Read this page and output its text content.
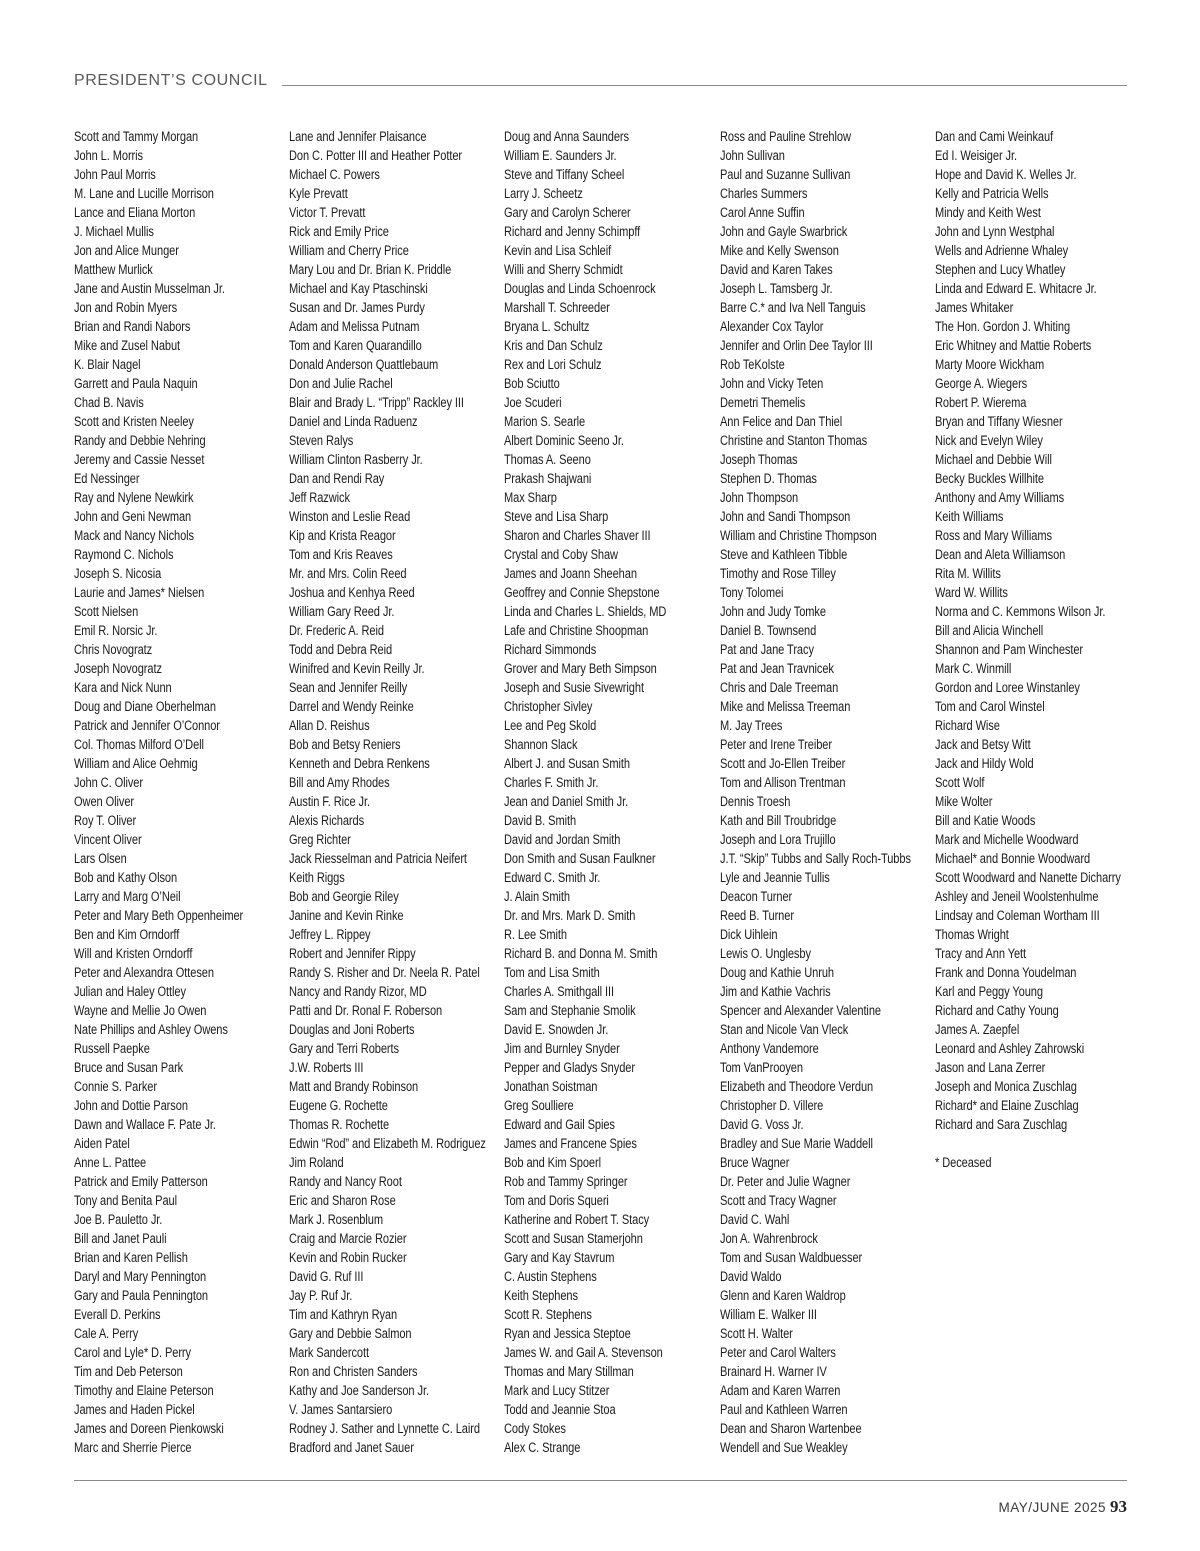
PRESIDENT’S COUNCIL
Scott and Tammy Morgan
John L. Morris
John Paul Morris
M. Lane and Lucille Morrison
Lance and Eliana Morton
J. Michael Mullis
Jon and Alice Munger
Matthew Murlick
Jane and Austin Musselman Jr.
Jon and Robin Myers
Brian and Randi Nabors
Mike and Zusel Nabut
K. Blair Nagel
Garrett and Paula Naquin
Chad B. Navis
Scott and Kristen Neeley
Randy and Debbie Nehring
Jeremy and Cassie Nesset
Ed Nessinger
Ray and Nylene Newkirk
John and Geni Newman
Mack and Nancy Nichols
Raymond C. Nichols
Joseph S. Nicosia
Laurie and James* Nielsen
Scott Nielsen
Emil R. Norsic Jr.
Chris Novogratz
Joseph Novogratz
Kara and Nick Nunn
Doug and Diane Oberhelman
Patrick and Jennifer O’Connor
Col. Thomas Milford O’Dell
William and Alice Oehmig
John C. Oliver
Owen Oliver
Roy T. Oliver
Vincent Oliver
Lars Olsen
Bob and Kathy Olson
Larry and Marg O’Neil
Peter and Mary Beth Oppenheimer
Ben and Kim Orndorff
Will and Kristen Orndorff
Peter and Alexandra Ottesen
Julian and Haley Ottley
Wayne and Mellie Jo Owen
Nate Phillips and Ashley Owens
Russell Paepke
Bruce and Susan Park
Connie S. Parker
John and Dottie Parson
Dawn and Wallace F. Pate Jr.
Aiden Patel
Anne L. Pattee
Patrick and Emily Patterson
Tony and Benita Paul
Joe B. Pauletto Jr.
Bill and Janet Pauli
Brian and Karen Pellish
Daryl and Mary Pennington
Gary and Paula Pennington
Everall D. Perkins
Cale A. Perry
Carol and Lyle* D. Perry
Tim and Deb Peterson
Timothy and Elaine Peterson
James and Haden Pickel
James and Doreen Pienkowski
Marc and Sherrie Pierce
Lane and Jennifer Plaisance
Don C. Potter III and Heather Potter
Michael C. Powers
Kyle Prevatt
Victor T. Prevatt
Rick and Emily Price
William and Cherry Price
Mary Lou and Dr. Brian K. Priddle
Michael and Kay Ptaschinski
Susan and Dr. James Purdy
Adam and Melissa Putnam
Tom and Karen Quarandillo
Donald Anderson Quattlebaum
Don and Julie Rachel
Blair and Brady L. “Tripp” Rackley III
Daniel and Linda Raduenz
Steven Ralys
William Clinton Rasberry Jr.
Dan and Rendi Ray
Jeff Razwick
Winston and Leslie Read
Kip and Krista Reagor
Tom and Kris Reaves
Mr. and Mrs. Colin Reed
Joshua and Kenhya Reed
William Gary Reed Jr.
Dr. Frederic A. Reid
Todd and Debra Reid
Winifred and Kevin Reilly Jr.
Sean and Jennifer Reilly
Darrel and Wendy Reinke
Allan D. Reishus
Bob and Betsy Reniers
Kenneth and Debra Renkens
Bill and Amy Rhodes
Austin F. Rice Jr.
Alexis Richards
Greg Richter
Jack Riesselman and Patricia Neifert
Keith Riggs
Bob and Georgie Riley
Janine and Kevin Rinke
Jeffrey L. Rippey
Robert and Jennifer Rippy
Randy S. Risher and Dr. Neela R. Patel
Nancy and Randy Rizor, MD
Patti and Dr. Ronal F. Roberson
Douglas and Joni Roberts
Gary and Terri Roberts
J.W. Roberts III
Matt and Brandy Robinson
Eugene G. Rochette
Thomas R. Rochette
Edwin “Rod” and Elizabeth M. Rodriguez
Jim Roland
Randy and Nancy Root
Eric and Sharon Rose
Mark J. Rosenblum
Craig and Marcie Rozier
Kevin and Robin Rucker
David G. Ruf III
Jay P. Ruf Jr.
Tim and Kathryn Ryan
Gary and Debbie Salmon
Mark Sandercott
Ron and Christen Sanders
Kathy and Joe Sanderson Jr.
V. James Santarsiero
Rodney J. Sather and Lynnette C. Laird
Bradford and Janet Sauer
Doug and Anna Saunders
William E. Saunders Jr.
Steve and Tiffany Scheel
Larry J. Scheetz
Gary and Carolyn Scherer
Richard and Jenny Schimpff
Kevin and Lisa Schleif
Willi and Sherry Schmidt
Douglas and Linda Schoenrock
Marshall T. Schreeder
Bryana L. Schultz
Kris and Dan Schulz
Rex and Lori Schulz
Bob Sciutto
Joe Scuderi
Marion S. Searle
Albert Dominic Seeno Jr.
Thomas A. Seeno
Prakash Shajwani
Max Sharp
Steve and Lisa Sharp
Sharon and Charles Shaver III
Crystal and Coby Shaw
James and Joann Sheehan
Geoffrey and Connie Shepstone
Linda and Charles L. Shields, MD
Lafe and Christine Shoopman
Richard Simmonds
Grover and Mary Beth Simpson
Joseph and Susie Sivewright
Christopher Sivley
Lee and Peg Skold
Shannon Slack
Albert J. and Susan Smith
Charles F. Smith Jr.
Jean and Daniel Smith Jr.
David B. Smith
David and Jordan Smith
Don Smith and Susan Faulkner
Edward C. Smith Jr.
J. Alain Smith
Dr. and Mrs. Mark D. Smith
R. Lee Smith
Richard B. and Donna M. Smith
Tom and Lisa Smith
Charles A. Smithgall III
Sam and Stephanie Smolik
David E. Snowden Jr.
Jim and Burnley Snyder
Pepper and Gladys Snyder
Jonathan Soistman
Greg Soulliere
Edward and Gail Spies
James and Francene Spies
Bob and Kim Spoerl
Rob and Tammy Springer
Tom and Doris Squeri
Katherine and Robert T. Stacy
Scott and Susan Stamerjohn
Gary and Kay Stavrum
C. Austin Stephens
Keith Stephens
Scott R. Stephens
Ryan and Jessica Steptoe
James W. and Gail A. Stevenson
Thomas and Mary Stillman
Mark and Lucy Stitzer
Todd and Jeannie Stoa
Cody Stokes
Alex C. Strange
Ross and Pauline Strehlow
John Sullivan
Paul and Suzanne Sullivan
Charles Summers
Carol Anne Suffin
John and Gayle Swarbrick
Mike and Kelly Swenson
David and Karen Takes
Joseph L. Tamsberg Jr.
Barre C.* and Iva Nell Tanguis
Alexander Cox Taylor
Jennifer and Orlin Dee Taylor III
Rob TeKolste
John and Vicky Teten
Demetri Themelis
Ann Felice and Dan Thiel
Christine and Stanton Thomas
Joseph Thomas
Stephen D. Thomas
John Thompson
John and Sandi Thompson
William and Christine Thompson
Steve and Kathleen Tibble
Timothy and Rose Tilley
Tony Tolomei
John and Judy Tomke
Daniel B. Townsend
Pat and Jane Tracy
Pat and Jean Travnicek
Chris and Dale Treeman
Mike and Melissa Treeman
M. Jay Trees
Peter and Irene Treiber
Scott and Jo-Ellen Treiber
Tom and Allison Trentman
Dennis Troesh
Kath and Bill Troubridge
Joseph and Lora Trujillo
J.T. “Skip” Tubbs and Sally Roch-Tubbs
Lyle and Jeannie Tullis
Deacon Turner
Reed B. Turner
Dick Uihlein
Lewis O. Unglesby
Doug and Kathie Unruh
Jim and Kathie Vachris
Spencer and Alexander Valentine
Stan and Nicole Van Vleck
Anthony Vandemore
Tom VanProoyen
Elizabeth and Theodore Verdun
Christopher D. Villere
David G. Voss Jr.
Bradley and Sue Marie Waddell
Bruce Wagner
Dr. Peter and Julie Wagner
Scott and Tracy Wagner
David C. Wahl
Jon A. Wahrenbrock
Tom and Susan Waldbuesser
David Waldo
Glenn and Karen Waldrop
William E. Walker III
Scott H. Walter
Peter and Carol Walters
Brainard H. Warner IV
Adam and Karen Warren
Paul and Kathleen Warren
Dean and Sharon Wartenbee
Wendell and Sue Weakley
Dan and Cami Weinkauf
Ed I. Weisiger Jr.
Hope and David K. Welles Jr.
Kelly and Patricia Wells
Mindy and Keith West
John and Lynn Westphal
Wells and Adrienne Whaley
Stephen and Lucy Whatley
Linda and Edward E. Whitacre Jr.
James Whitaker
The Hon. Gordon J. Whiting
Eric Whitney and Mattie Roberts
Marty Moore Wickham
George A. Wiegers
Robert P. Wierema
Bryan and Tiffany Wiesner
Nick and Evelyn Wiley
Michael and Debbie Will
Becky Buckles Willhite
Anthony and Amy Williams
Keith Williams
Ross and Mary Williams
Dean and Aleta Williamson
Rita M. Willits
Ward W. Willits
Norma and C. Kemmons Wilson Jr.
Bill and Alicia Winchell
Shannon and Pam Winchester
Mark C. Winmill
Gordon and Loree Winstanley
Tom and Carol Winstel
Richard Wise
Jack and Betsy Witt
Jack and Hildy Wold
Scott Wolf
Mike Wolter
Bill and Katie Woods
Mark and Michelle Woodward
Michael* and Bonnie Woodward
Scott Woodward and Nanette Dicharry
Ashley and Jeneil Woolstenhulme
Lindsay and Coleman Wortham III
Thomas Wright
Tracy and Ann Yett
Frank and Donna Youdelman
Karl and Peggy Young
Richard and Cathy Young
James A. Zaepfel
Leonard and Ashley Zahrowski
Jason and Lana Zerrer
Joseph and Monica Zuschlag
Richard* and Elaine Zuschlag
Richard and Sara Zuschlag
* Deceased
MAY/JUNE 2025 93
